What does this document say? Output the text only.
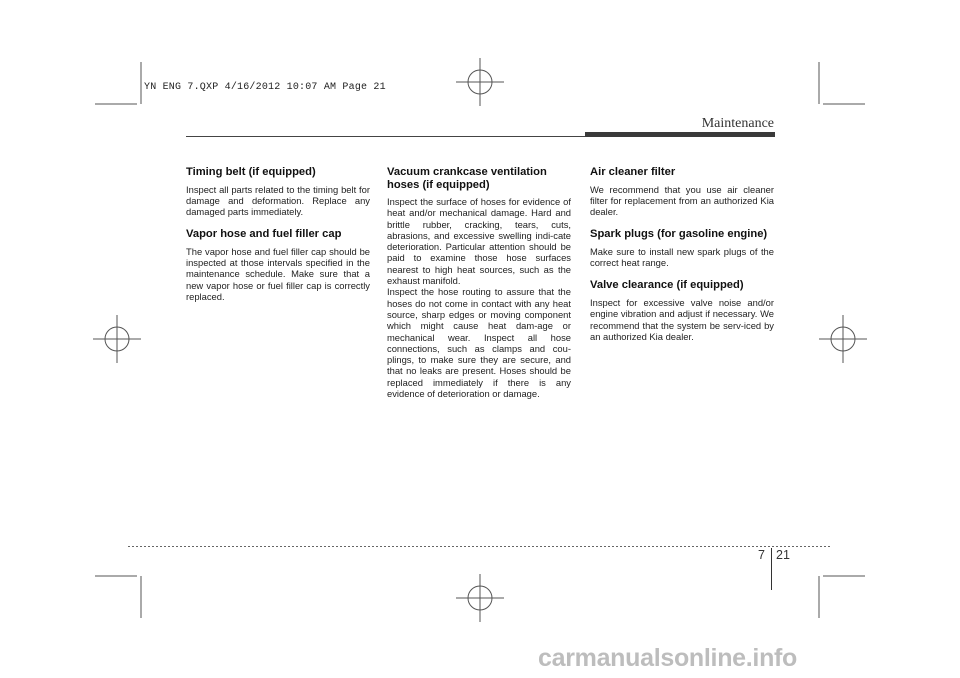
YN ENG 7.QXP 4/16/2012 10:07 AM Page 21
Maintenance
Timing belt (if equipped)

Inspect all parts related to the timing belt for damage and deformation. Replace any damaged parts immediately.

Vapor hose and fuel filler cap

The vapor hose and fuel filler cap should be inspected at those intervals specified in the maintenance schedule. Make sure that a new vapor hose or fuel filler cap is correctly replaced.

Vacuum crankcase ventilation hoses (if equipped)

Inspect the surface of hoses for evidence of heat and/or mechanical damage. Hard and brittle rubber, cracking, tears, cuts, abrasions, and excessive swelling indi-cate deterioration. Particular attention should be paid to examine those hose surfaces nearest to high heat sources, such as the exhaust manifold.

Inspect the hose routing to assure that the hoses do not come in contact with any heat source, sharp edges or moving component which might cause heat dam-age or mechanical wear. Inspect all hose connections, such as clamps and cou-plings, to make sure they are secure, and that no leaks are present. Hoses should be replaced immediately if there is any evidence of deterioration or damage.

Air cleaner filter

We recommend that you use air cleaner filter for replacement from an authorized Kia dealer.

Spark plugs (for gasoline engine)

Make sure to install new spark plugs of the correct heat range.

Valve clearance (if equipped)

Inspect for excessive valve noise and/or engine vibration and adjust if necessary. We recommend that the system be serv-iced by an authorized Kia dealer.

7 21
carmanualsonline.info
